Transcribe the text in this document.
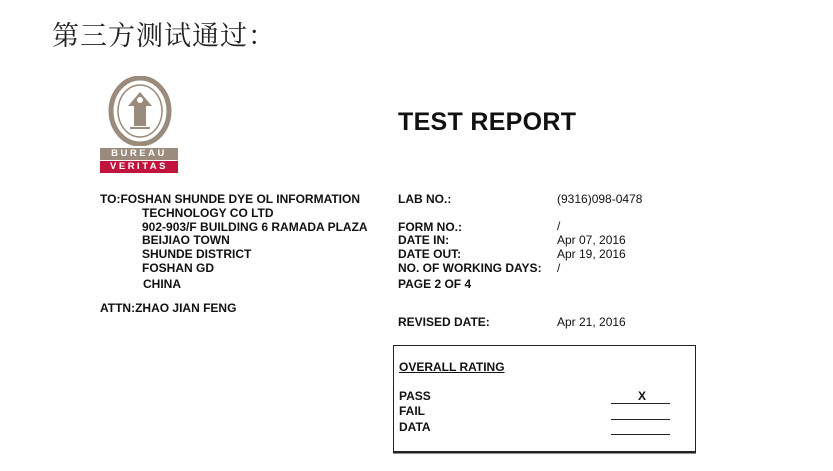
第三方测试通过：
BUREAU
VERITAS
TEST REPORT
TO:FOSHAN SHUNDE DYE OL INFORMATION
TECHNOLOGY CO LTD
902-903/F BUILDING 6 RAMADA PLAZA
BEIJIAO TOWN
SHUNDE DISTRICT
FOSHAN GD
CHINA
ATTN:ZHAO JIAN FENG
LAB NO.:	(9316)098-0478
FORM NO.:	/
DATE IN:	Apr 07, 2016
DATE OUT:	Apr 19, 2016
NO. OF WORKING DAYS: /
PAGE 2 OF 4
REVISED DATE:	Apr 21, 2016
OVERALL RATING
PASS	X
FAIL
DATA
